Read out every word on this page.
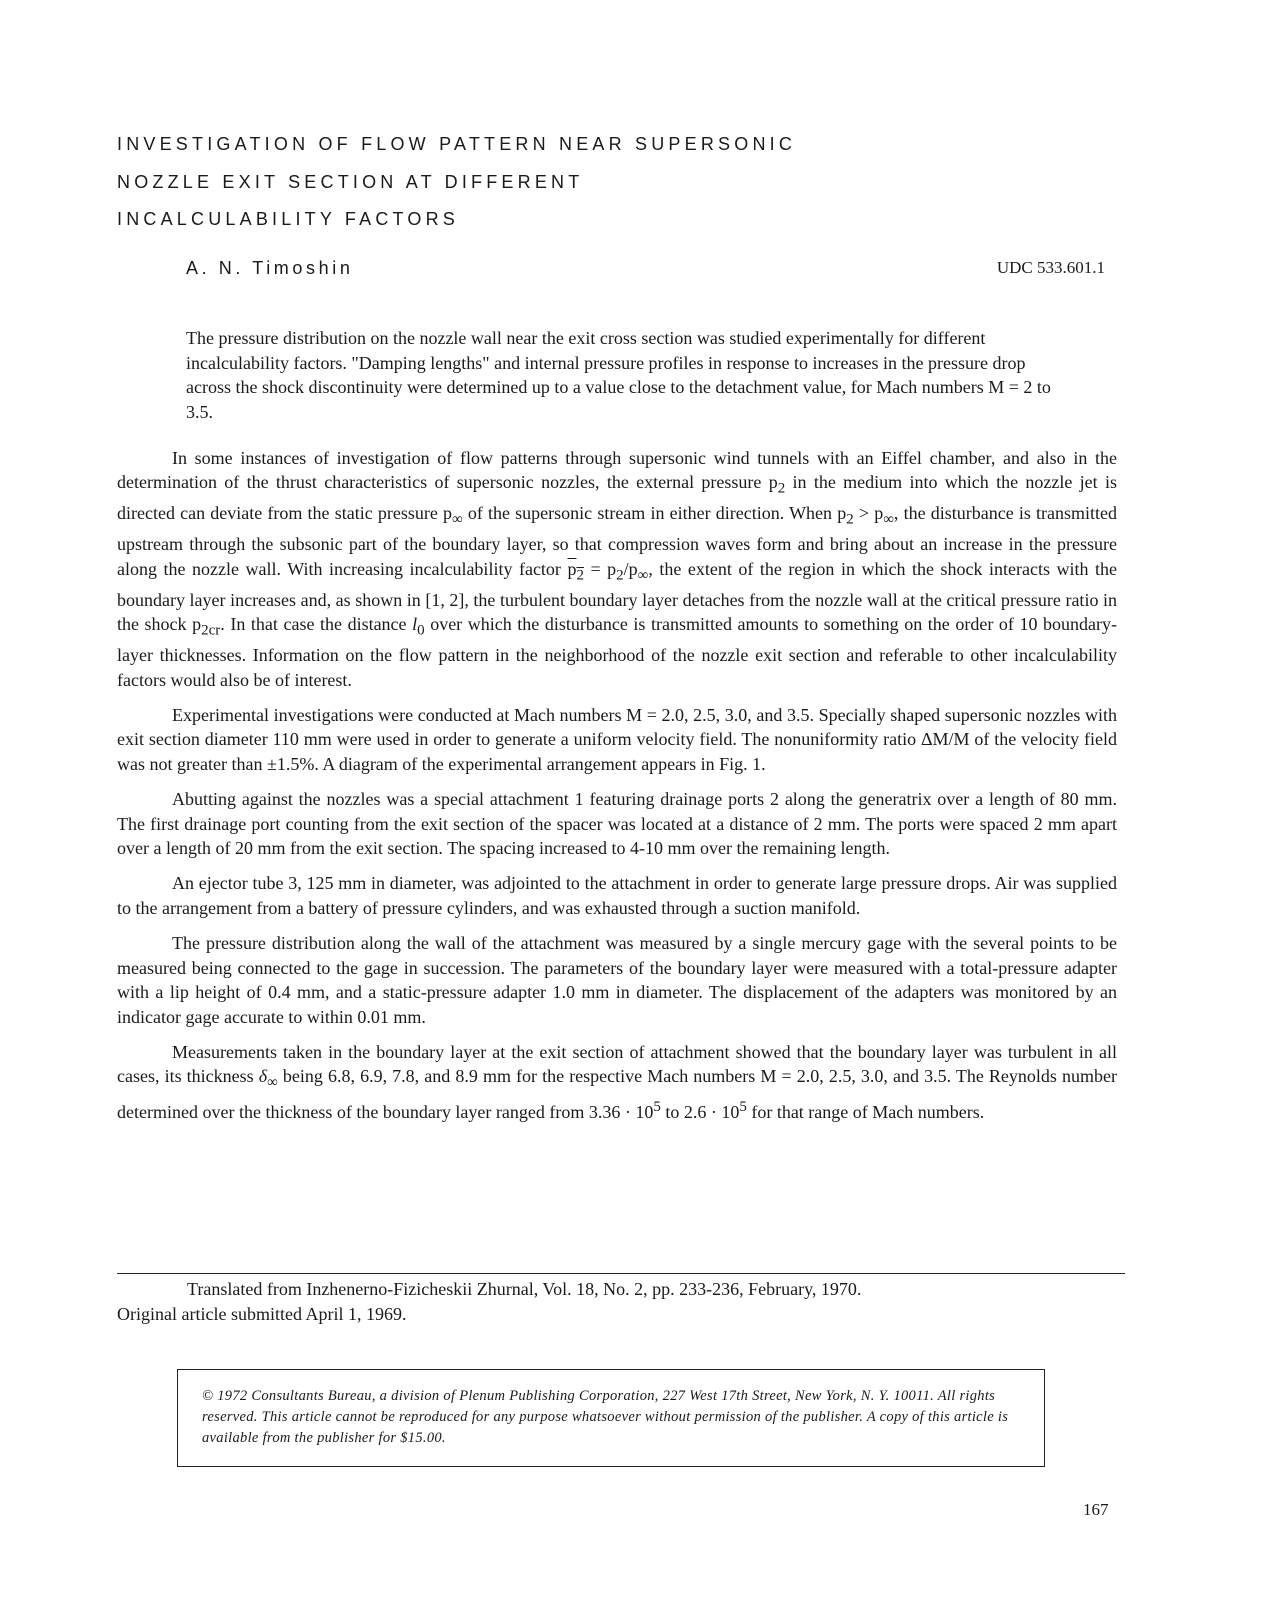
INVESTIGATION OF FLOW PATTERN NEAR SUPERSONIC
NOZZLE EXIT SECTION AT DIFFERENT
INCALCULABILITY FACTORS
A. N. Timoshin	UDC 533.601.1
The pressure distribution on the nozzle wall near the exit cross section was studied experimentally for different incalculability factors. "Damping lengths" and internal pressure profiles in response to increases in the pressure drop across the shock discontinuity were determined up to a value close to the detachment value, for Mach numbers M = 2 to 3.5.

In some instances of investigation of flow patterns through supersonic wind tunnels with an Eiffel chamber, and also in the determination of the thrust characteristics of supersonic nozzles, the external pressure $p_2$ in the medium into which the nozzle jet is directed can deviate from the static pressure $p_\infty$ of the supersonic stream in either direction. When $p_2 > p_\infty$, the disturbance is transmitted upstream through the subsonic part of the boundary layer, so that compression waves form and bring about an increase in the pressure along the nozzle wall. With increasing incalculability factor $p_2 = p_2/p_\infty$, the extent of the region in which the shock interacts with the boundary layer increases and, as shown in [1, 2], the turbulent boundary layer detaches from the nozzle wall at the critical pressure ratio in the shock $p_{2cr}$. In that case the distance $l_0$ over which the disturbance is transmitted amounts to something on the order of 10 boundary-layer thicknesses. Information on the flow pattern in the neighborhood of the nozzle exit section and referable to other incalculability factors would also be of interest.

Experimental investigations were conducted at Mach numbers M = 2.0, 2.5, 3.0, and 3.5. Specially shaped supersonic nozzles with exit section diameter 110 mm were used in order to generate a uniform velocity field. The nonuniformity ratio ΔM/M of the velocity field was not greater than ±1.5%. A diagram of the experimental arrangement appears in Fig. 1.

Abutting against the nozzles was a special attachment 1 featuring drainage ports 2 along the generatrix over a length of 80 mm. The first drainage port counting from the exit section of the spacer was located at a distance of 2 mm. The ports were spaced 2 mm apart over a length of 20 mm from the exit section. The spacing increased to 4-10 mm over the remaining length.

An ejector tube 3, 125 mm in diameter, was adjointed to the attachment in order to generate large pressure drops. Air was supplied to the arrangement from a battery of pressure cylinders, and was exhausted through a suction manifold.

The pressure distribution along the wall of the attachment was measured by a single mercury gage with the several points to be measured being connected to the gage in succession. The parameters of the boundary layer were measured with a total-pressure adapter with a lip height of 0.4 mm, and a static-pressure adapter 1.0 mm in diameter. The displacement of the adapters was monitored by an indicator gage accurate to within 0.01 mm.

Measurements taken in the boundary layer at the exit section of attachment showed that the boundary layer was turbulent in all cases, its thickness $\delta_\infty$ being 6.8, 6.9, 7.8, and 8.9 mm for the respective Mach numbers M = 2.0, 2.5, 3.0, and 3.5. The Reynolds number determined over the thickness of the boundary layer ranged from $3.36 \cdot 10^5$ to $2.6 \cdot 10^5$ for that range of Mach numbers.

Translated from Inzhenerno-Fizicheskii Zhurnal, Vol. 18, No. 2, pp. 233-236, February, 1970.
Original article submitted April 1, 1969.
© 1972 Consultants Bureau, a division of Plenum Publishing Corporation, 227 West 17th Street, New York, N. Y. 10011. All rights reserved. This article cannot be reproduced for any purpose whatsoever without permission of the publisher. A copy of this article is available from the publisher for $15.00.
167
